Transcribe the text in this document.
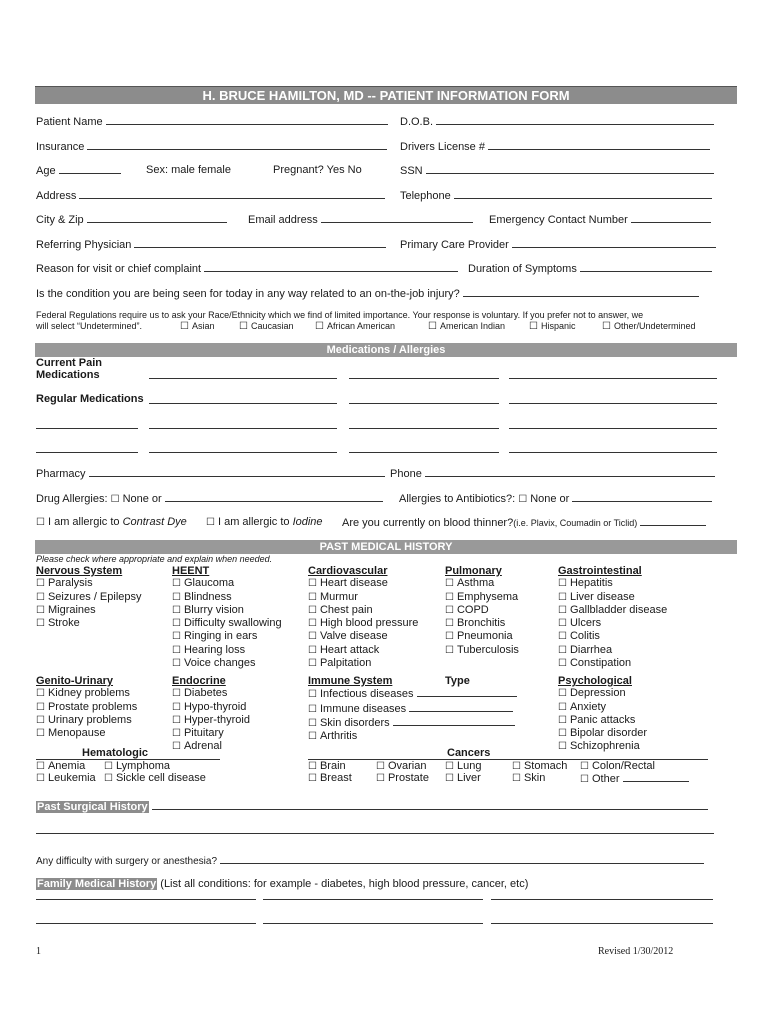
H. BRUCE HAMILTON, MD -- PATIENT INFORMATION FORM
Patient Name	D.O.B.
Insurance	Drivers License #
Age	Sex: male female	Pregnant? Yes No	SSN
Address	Telephone
City & Zip	Email address	Emergency Contact Number
Referring Physician	Primary Care Provider
Reason for visit or chief complaint	Duration of Symptoms
Is the condition you are being seen for today in any way related to an on-the-job injury?
Federal Regulations require us to ask your Race/Ethnicity which we find of limited importance. Your response is voluntary. If you prefer not to answer, we
will select “Undetermined”.	☐ Asian	☐ Caucasian	☐ African American	☐ American Indian	☐ Hispanic	☐ Other/Undetermined
Medications / Allergies
Current Pain
Medications
Regular Medications
Pharmacy	Phone
Drug Allergies: ☐ None or	Allergies to Antibiotics?: ☐ None or
☐ I am allergic to Contrast Dye	☐ I am allergic to Iodine Are you currently on blood thinner?(i.e. Plavix, Coumadin or Ticlid)
PAST MEDICAL HISTORY
Please check where appropriate and explain when needed.
Nervous System
☐ Paralysis
☐ Seizures / Epilepsy
☐ Migraines
☐ Stroke
HEENT
☐ Glaucoma
☐ Blindness
☐ Blurry vision
☐ Difficulty swallowing
☐ Ringing in ears
☐ Hearing loss
☐ Voice changes
Cardiovascular
☐ Heart disease
☐ Murmur
☐ Chest pain
☐ High blood pressure
☐ Valve disease
☐ Heart attack
☐ Palpitation
Pulmonary
☐ Asthma
☐ Emphysema
☐ COPD
☐ Bronchitis
☐ Pneumonia
☐ Tuberculosis
Gastrointestinal
☐ Hepatitis
☐ Liver disease
☐ Gallbladder disease
☐ Ulcers
☐ Colitis
☐ Diarrhea
☐ Constipation
Genito-Urinary
☐ Kidney problems
☐ Prostate problems
☐ Urinary problems
☐ Menopause
Endocrine
☐ Diabetes
☐ Hypo-thyroid
☐ Hyper-thyroid
☐ Pituitary
☐ Adrenal
Immune System
☐ Infectious diseases
☐ Immune diseases
☐ Skin disorders
☐ Arthritis
Type	Psychological
☐ Depression
☐ Anxiety
☐ Panic attacks
☐ Bipolar disorder
☐ Schizophrenia
Hematologic
☐ Anemia	☐ Lymphoma
☐ Leukemia	☐ Sickle cell disease
Cancers
☐ Brain	☐ Ovarian	☐ Lung	☐ Stomach	☐ Colon/Rectal
☐ Breast	☐ Prostate	☐ Liver	☐ Skin	☐ Other
Past Surgical History
Any difficulty with surgery or anesthesia?
Family Medical History (List all conditions: for example - diabetes, high blood pressure, cancer, etc)
1	Revised 1/30/2012
